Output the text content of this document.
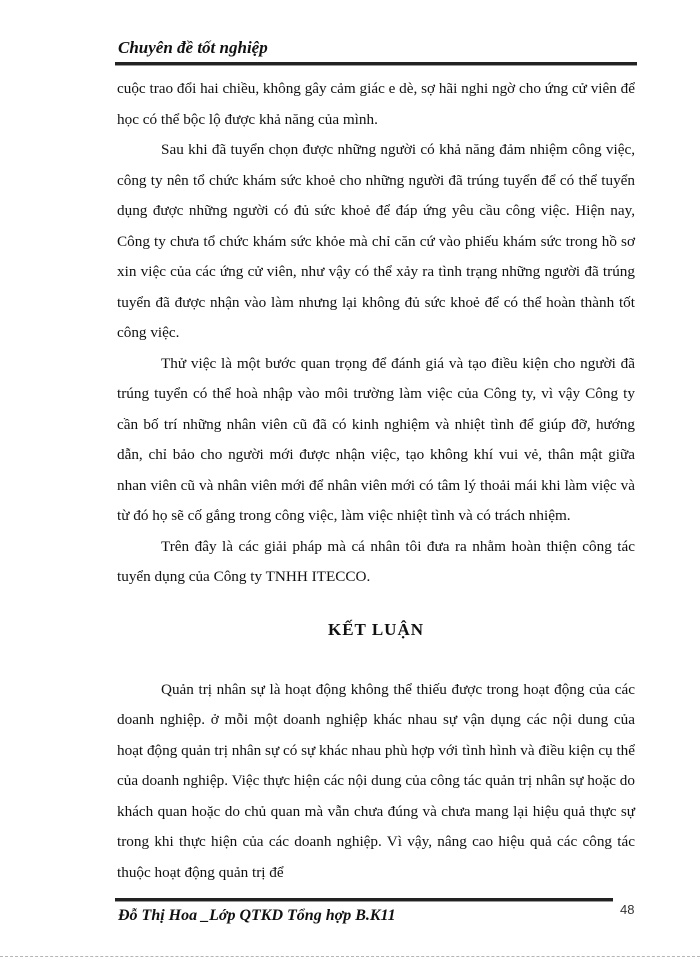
Chuyên đề tốt nghiệp

cuộc trao đổi hai chiều, không gây cảm giác e dè, sợ hãi nghi ngờ cho ứng cử viên để học có thể bộc lộ được khả năng của mình.

Sau khi đã tuyển chọn được những người có khả năng đảm nhiệm công việc, công ty nên tổ chức khám sức khoẻ cho những người đã trúng tuyển để có thể tuyển dụng được những người có đủ sức khoẻ để đáp ứng yêu cầu công việc. Hiện nay, Công ty chưa tổ chức khám sức khỏe mà chỉ căn cứ vào phiếu khám sức trong hồ sơ xin việc của các ứng cử viên, như vậy có thể xảy ra tình trạng những người đã trúng tuyển đã được nhận vào làm nhưng lại không đủ sức khoẻ để có thể hoàn thành tốt công việc.

Thử việc là một bước quan trọng để đánh giá và tạo điều kiện cho người đã trúng tuyển có thể hoà nhập vào môi trường làm việc của Công ty, vì vậy Công ty cần bố trí những nhân viên cũ đã có kinh nghiệm và nhiệt tình để giúp đỡ, hướng dẫn, chỉ bảo cho người mới được nhận việc, tạo không khí vui vẻ, thân mật giữa nhan viên cũ và nhân viên mới để nhân viên mới có tâm lý thoải mái khi làm việc và từ đó họ sẽ cố gắng trong công việc, làm việc nhiệt tình và có trách nhiệm.

Trên đây là các giải pháp mà cá nhân tôi đưa ra nhằm hoàn thiện công tác tuyển dụng của Công ty TNHH ITECCO.

KẾT LUẬN

Quản trị nhân sự là hoạt động không thể thiếu được trong hoạt động của các doanh nghiệp. ở mỗi một doanh nghiệp khác nhau sự vận dụng các nội dung của hoạt động quản trị nhân sự có sự khác nhau phù hợp với tình hình và điều kiện cụ thể của doanh nghiệp. Việc thực hiện các nội dung của công tác quản trị nhân sự hoặc do khách quan hoặc do chủ quan mà vẫn chưa đúng và chưa mang lại hiệu quả thực sự trong khi thực hiện của các doanh nghiệp. Vì vậy, nâng cao hiệu quả các công tác thuộc hoạt động quản trị để

Đỗ Thị Hoa _Lớp QTKD Tổng hợp B.K11	48
